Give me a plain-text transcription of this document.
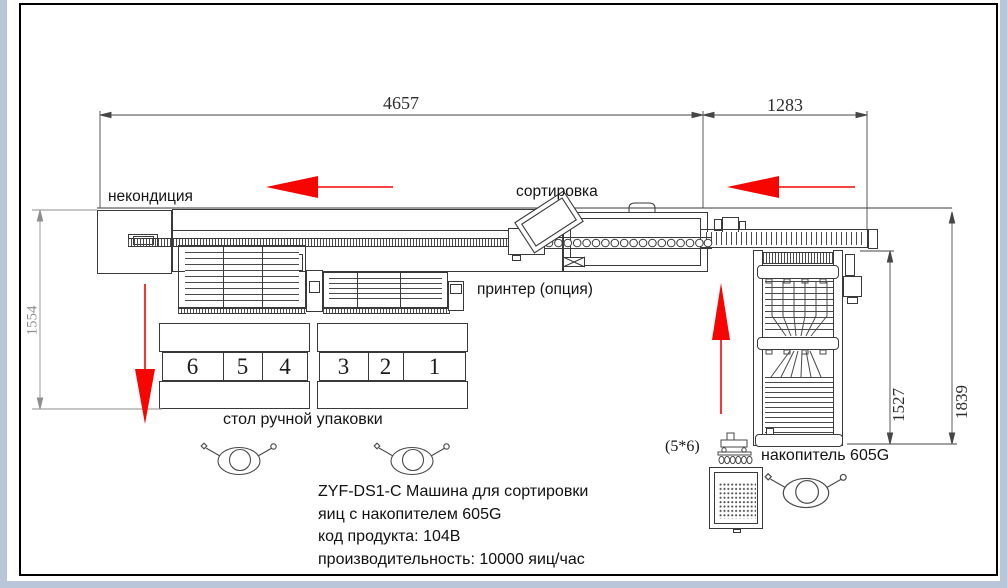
6	5	4	3	2	1
некондиция	сортировка
принтер (опция)
стол ручной упаковки
накопитель 605G
(5*6)
4657	1283
1554
1527	1839
ZYF-DS1-C Машина для сортировки
яиц с накопителем 605G
код продукта: 104B
производительность: 10000 яиц/час
